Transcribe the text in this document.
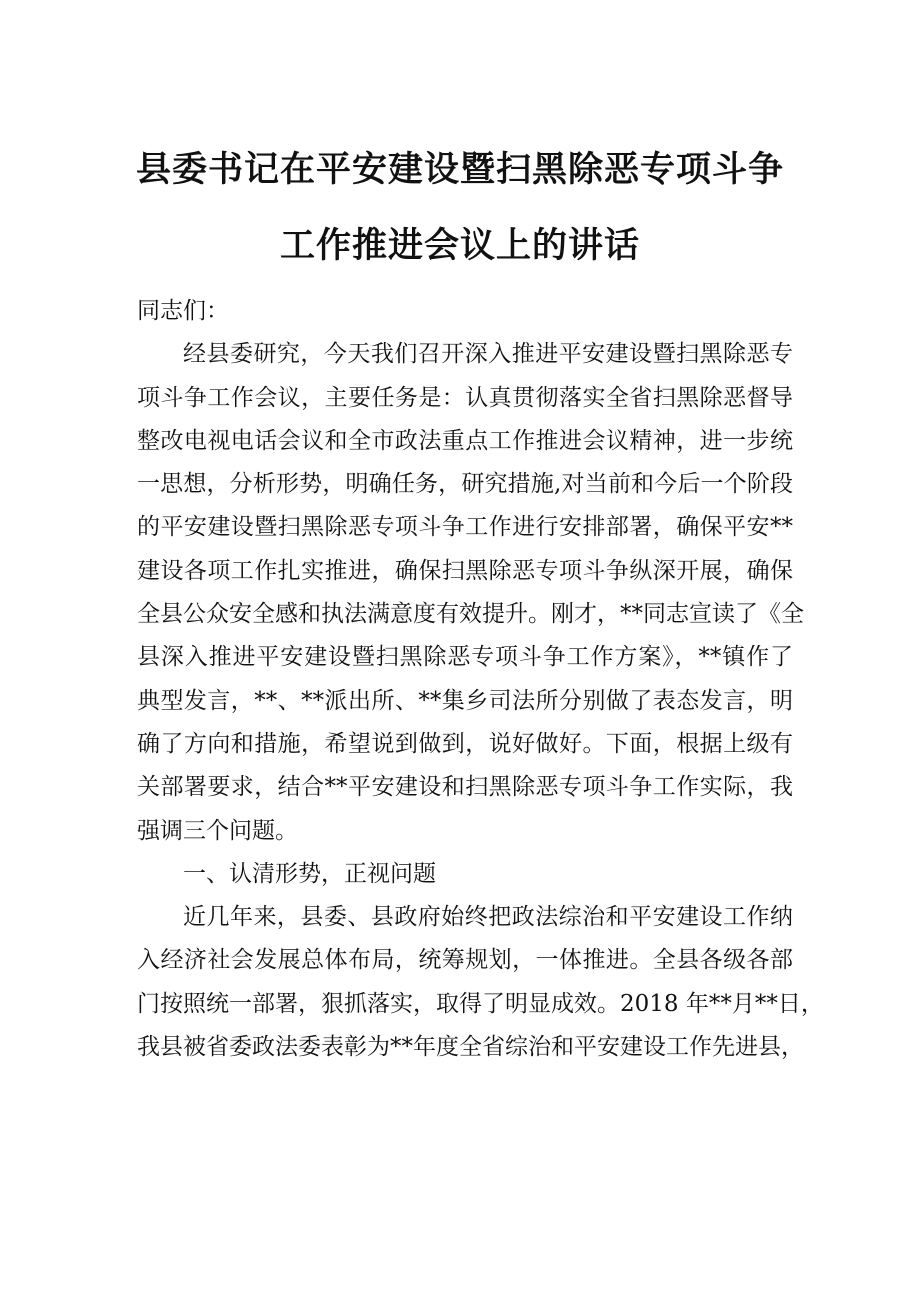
县委书记在平安建设暨扫黑除恶专项斗争
工作推进会议上的讲话
同志们：
经县委研究，今天我们召开深入推进平安建设暨扫黑除恶专
项斗争工作会议，主要任务是：认真贯彻落实全省扫黑除恶督导
整改电视电话会议和全市政法重点工作推进会议精神，进一步统
一思想，分析形势，明确任务，研究措施,对当前和今后一个阶段
的平安建设暨扫黑除恶专项斗争工作进行安排部署，确保平安**
建设各项工作扎实推进，确保扫黑除恶专项斗争纵深开展，确保
全县公众安全感和执法满意度有效提升。刚才，**同志宣读了《全
县深入推进平安建设暨扫黑除恶专项斗争工作方案》，**镇作了
典型发言，**、**派出所、**集乡司法所分别做了表态发言，明
确了方向和措施，希望说到做到，说好做好。下面，根据上级有
关部署要求，结合**平安建设和扫黑除恶专项斗争工作实际，我
强调三个问题。
一、认清形势，正视问题
近几年来，县委、县政府始终把政法综治和平安建设工作纳
入经济社会发展总体布局，统筹规划，一体推进。全县各级各部
门按照统一部署，狠抓落实，取得了明显成效。2018 年**月**日，
我县被省委政法委表彰为**年度全省综治和平安建设工作先进县，
